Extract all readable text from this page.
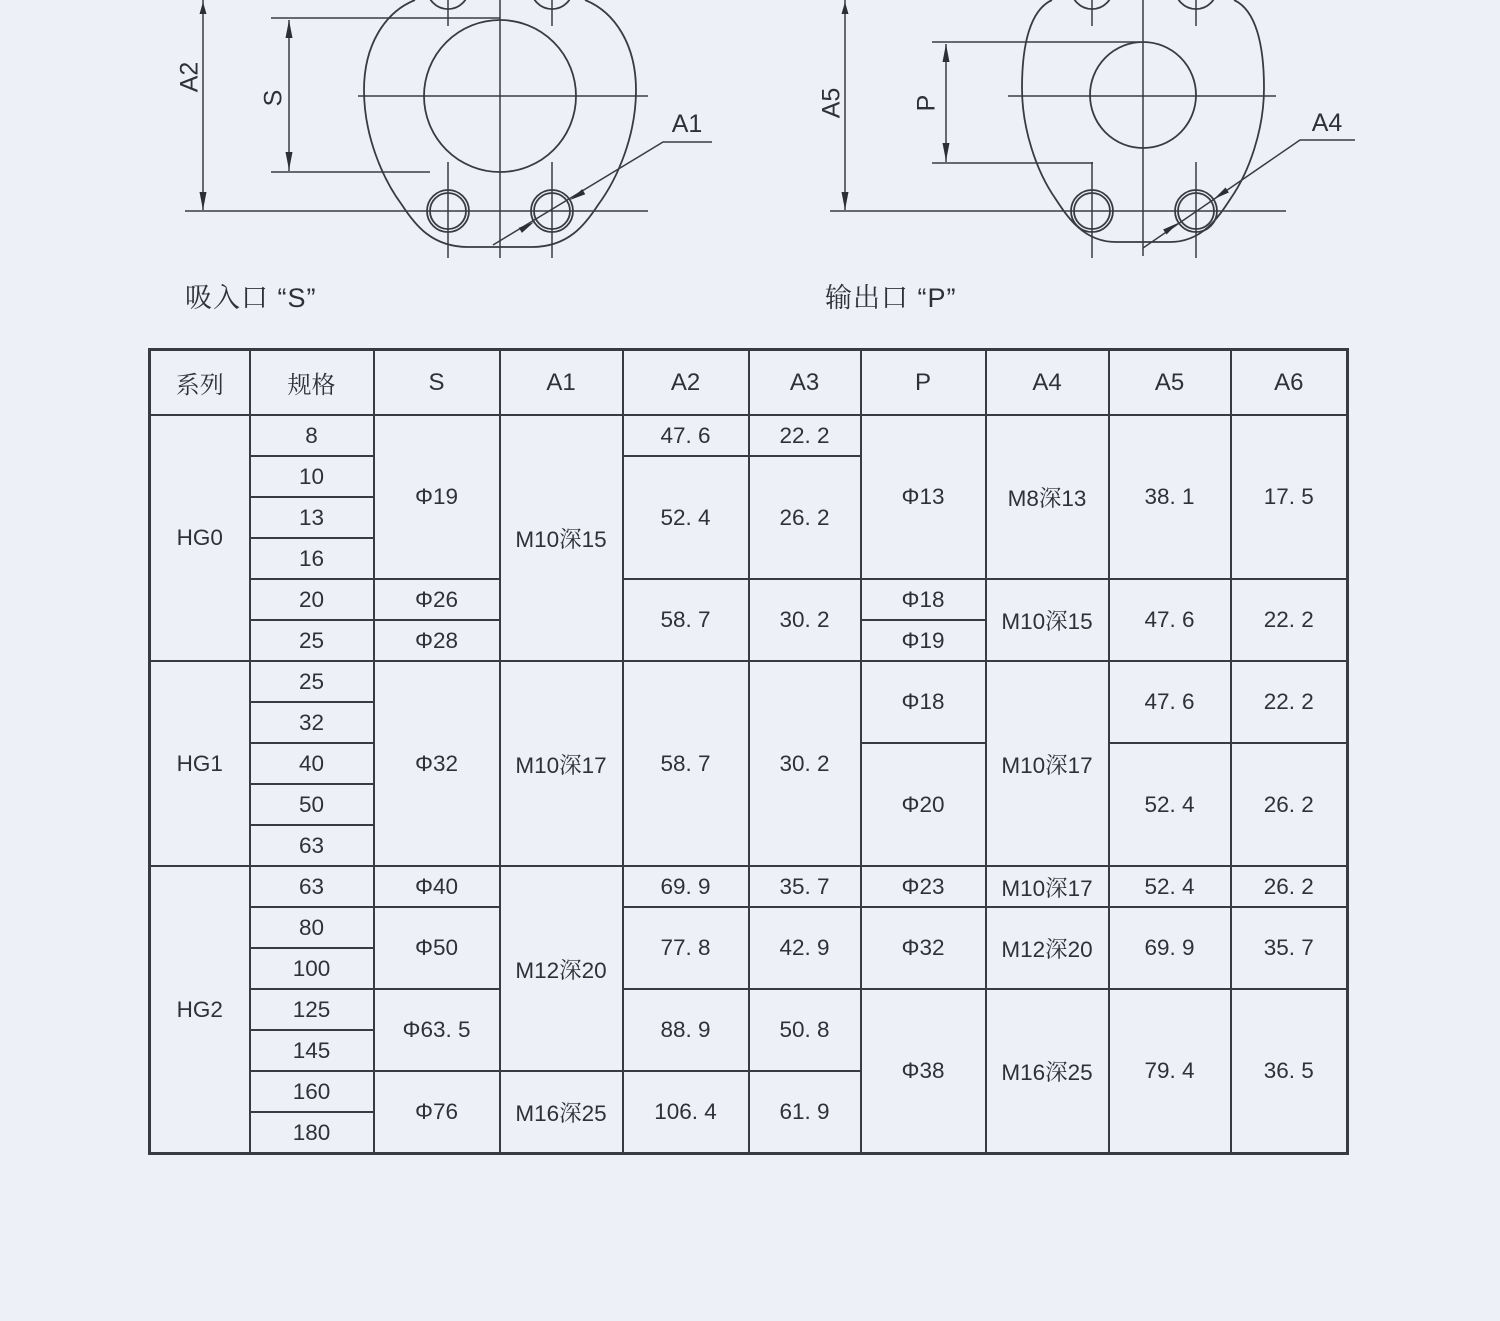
A2
S
A1
吸入口 “S”
A5	P
A4
输出口 “P”
系列	规格	S	A1	A2	A3	P	A4	A5	A6
HG0	8	Φ19	M10深15	47. 6	22. 2	Φ13	M8深13	38. 1	17. 5
	10			52. 4	26. 2				
	13								
	16								
	20	Φ26		58. 7	30. 2	Φ18	M10深15	47. 6	22. 2
	25	Φ28				Φ19			
HG1	25	Φ32	M10深17	58. 7	30. 2	Φ18	M10深17	47. 6	22. 2
	32								
	40					Φ20		52. 4	26. 2
	50								
	63								
HG2	63	Φ40	M12深20	69. 9	35. 7	Φ23	M10深17	52. 4	26. 2
	80	Φ50		77. 8	42. 9	Φ32	M12深20	69. 9	35. 7
	100								
	125	Φ63. 5		88. 9	50. 8	Φ38	M16深25	79. 4	36. 5
	145								
	160	Φ76	M16深25	106. 4	61. 9				
	180								
